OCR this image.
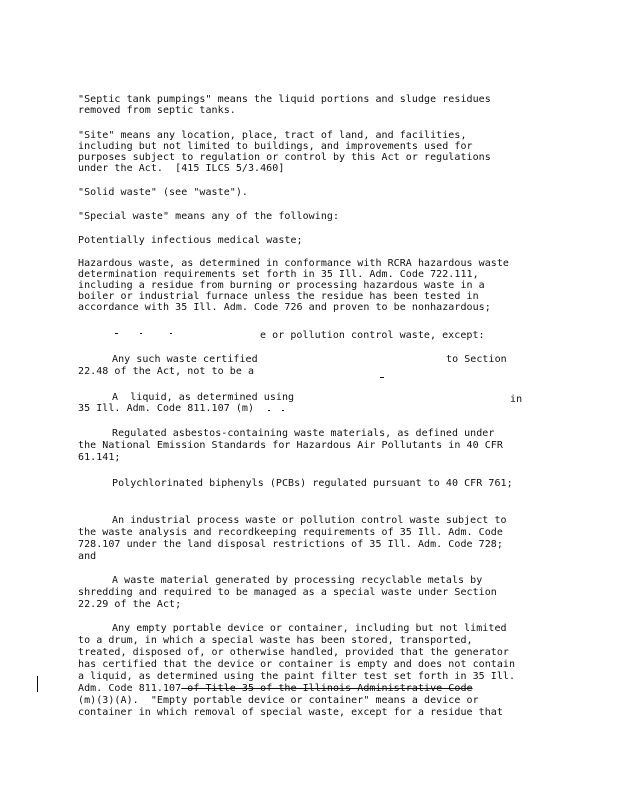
"Septic tank pumpings" means the liquid portions and sludge residues
removed from septic tanks.
"Site" means any location, place, tract of land, and facilities,
including but not limited to buildings, and improvements used for
purposes subject to regulation or control by this Act or regulations
under the Act.  [415 ILCS 5/3.460]
"Solid waste" (see "waste").
"Special waste" means any of the following:
Potentially infectious medical waste;
Hazardous waste, as determined in conformance with RCRA hazardous waste
determination requirements set forth in 35 Ill. Adm. Code 722.111,
including a residue from burning or processing hazardous waste in a
boiler or industrial furnace unless the residue has been tested in
accordance with 35 Ill. Adm. Code 726 and proven to be nonhazardous;
e or pollution control waste, except:
Any such waste certified	to Section
22.48 of the Act, not to be a
A  liquid, as determined using	in
35 Ill. Adm. Code 811.107 (m)
Regulated asbestos-containing waste materials, as defined under
the National Emission Standards for Hazardous Air Pollutants in 40 CFR
61.141;
Polychlorinated biphenyls (PCBs) regulated pursuant to 40 CFR 761;
An industrial process waste or pollution control waste subject to
the waste analysis and recordkeeping requirements of 35 Ill. Adm. Code
728.107 under the land disposal restrictions of 35 Ill. Adm. Code 728;
and
A waste material generated by processing recyclable metals by
shredding and required to be managed as a special waste under Section
22.29 of the Act;
Any empty portable device or container, including but not limited
to a drum, in which a special waste has been stored, transported,
treated, disposed of, or otherwise handled, provided that the generator
has certified that the device or container is empty and does not contain
a liquid, as determined using the paint filter test set forth in 35 Ill.
Adm. Code 811.107 of Title 35 of the Illinois Administrative Code
(m)(3)(A).  "Empty portable device or container" means a device or
container in which removal of special waste, except for a residue that
